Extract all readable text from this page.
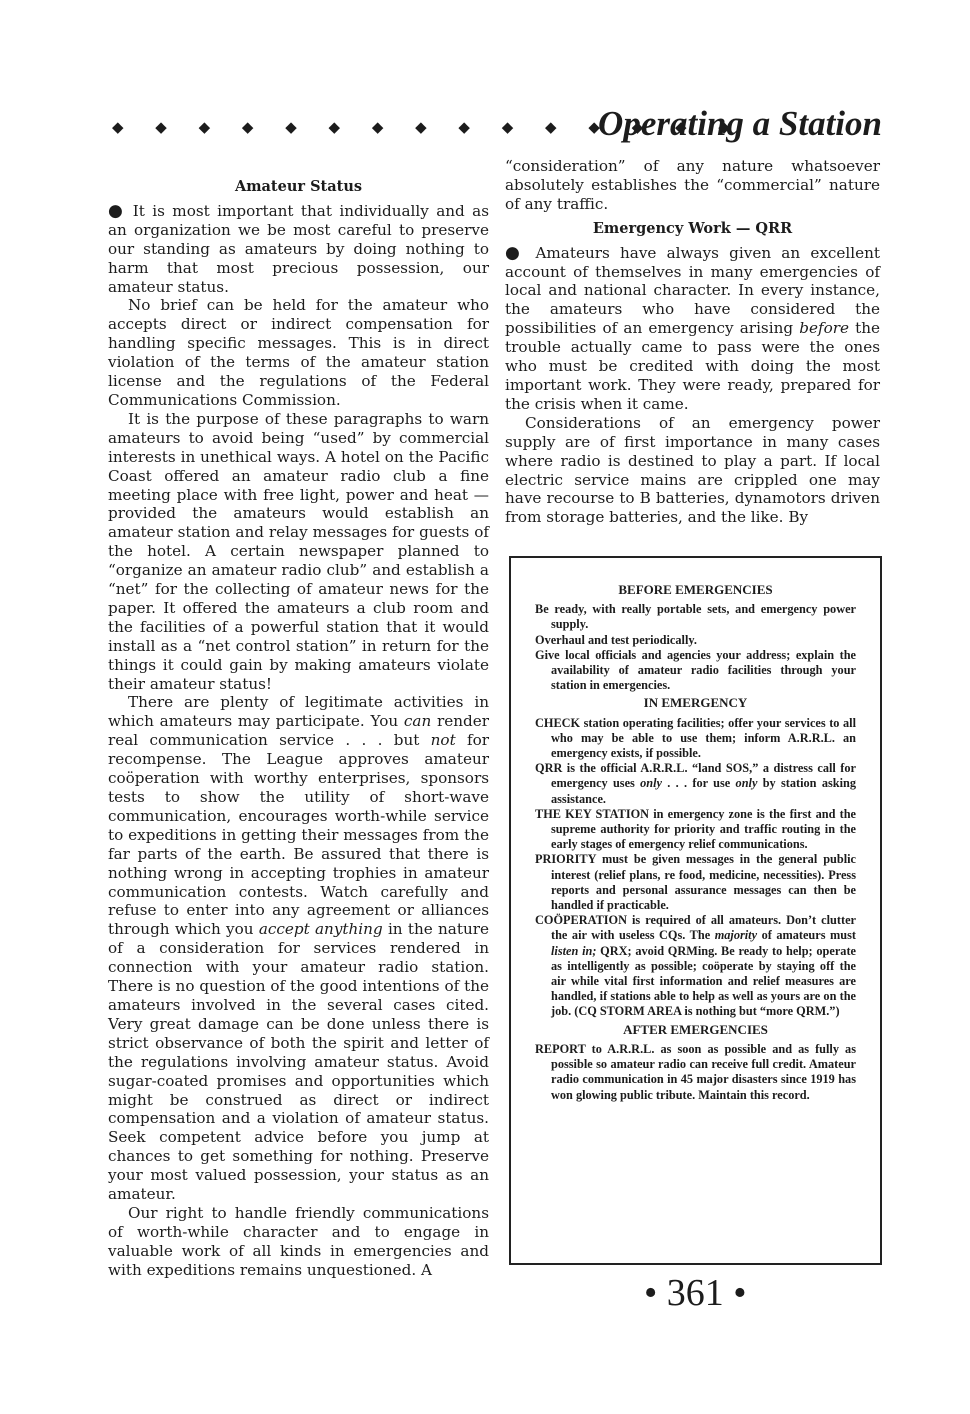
◆ ◆ ◆ ◆ ◆ ◆ ◆ ◆ ◆ ◆ ◆ ◆ ◆ ◆ ◆
Operating a Station
Amateur Status

● It is most important that individually and as an organization we be most careful to preserve our standing as amateurs by doing nothing to harm that most precious possession, our amateur status.

No brief can be held for the amateur who accepts direct or indirect compensation for handling specific messages. This is in direct violation of the terms of the amateur station license and the regulations of the Federal Communications Commission.

It is the purpose of these paragraphs to warn amateurs to avoid being “used” by commercial interests in unethical ways. A hotel on the Pacific Coast offered an amateur radio club a fine meeting place with free light, power and heat — provided the amateurs would establish an amateur station and relay messages for guests of the hotel. A certain newspaper planned to “organize an amateur radio club” and establish a “net” for the collecting of amateur news for the paper. It offered the amateurs a club room and the facilities of a powerful station that it would install as a “net control station” in return for the things it could gain by making amateurs violate their amateur status!

There are plenty of legitimate activities in which amateurs may participate. You can render real communication service . . . but not for recompense. The League approves amateur coöperation with worthy enterprises, sponsors tests to show the utility of short-wave communication, encourages worth-while service to expeditions in getting their messages from the far parts of the earth. Be assured that there is nothing wrong in accepting trophies in amateur communication contests. Watch carefully and refuse to enter into any agreement or alliances through which you accept anything in the nature of a consideration for services rendered in connection with your amateur radio station. There is no question of the good intentions of the amateurs involved in the several cases cited. Very great damage can be done unless there is strict observance of both the spirit and letter of the regulations involving amateur status. Avoid sugar-coated promises and opportunities which might be construed as direct or indirect compensation and a violation of amateur status. Seek competent advice before you jump at chances to get something for nothing. Preserve your most valued possession, your status as an amateur.

Our right to handle friendly communications of worth-while character and to engage in valuable work of all kinds in emergencies and with expeditions remains unquestioned. A

“consideration” of any nature whatsoever absolutely establishes the “commercial” nature of any traffic.

Emergency Work — QRR

● Amateurs have always given an excellent account of themselves in many emergencies of local and national character. In every instance, the amateurs who have considered the possibilities of an emergency arising before the trouble actually came to pass were the ones who must be credited with doing the most important work. They were ready, prepared for the crisis when it came.

Considerations of an emergency power supply are of first importance in many cases where radio is destined to play a part. If local electric service mains are crippled one may have recourse to B batteries, dynamotors driven from storage batteries, and the like. By

BEFORE EMERGENCIES
Be ready, with really portable sets, and emergency power supply.
Overhaul and test periodically.
Give local officials and agencies your address; explain the availability of amateur radio facilities through your station in emergencies.
IN EMERGENCY
CHECK station operating facilities; offer your services to all who may be able to use them; inform A.R.R.L. an emergency exists, if possible.
QRR is the official A.R.R.L. “land SOS,” a distress call for emergency uses only . . . for use only by station asking assistance.
THE KEY STATION in emergency zone is the first and the supreme authority for priority and traffic routing in the early stages of emergency relief communications.
PRIORITY must be given messages in the general public interest (relief plans, re food, medicine, necessities). Press reports and personal assurance messages can then be handled if practicable.
COÖPERATION is required of all amateurs. Don’t clutter the air with useless CQs. The majority of amateurs must listen in; QRX; avoid QRMing. Be ready to help; operate as intelligently as possible; coöperate by staying off the air while vital first information and relief measures are handled, if stations able to help as well as yours are on the job. (CQ STORM AREA is nothing but “more QRM.”)
AFTER EMERGENCIES
REPORT to A.R.R.L. as soon as possible and as fully as possible so amateur radio can receive full credit. Amateur radio communication in 45 major disasters since 1919 has won glowing public tribute. Maintain this record.
• 361 •
